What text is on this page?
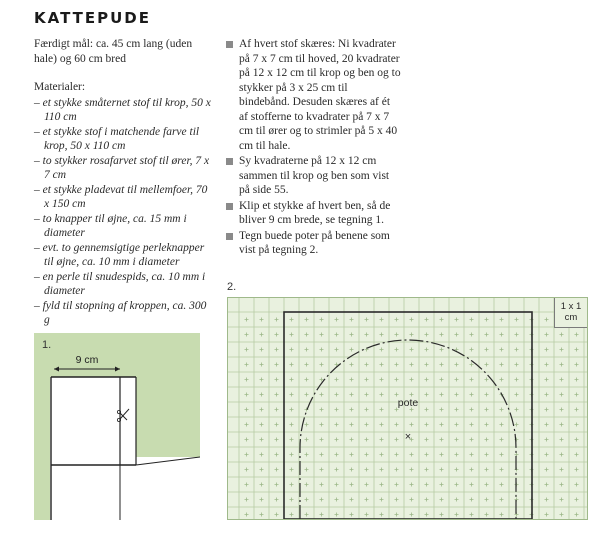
KATTEPUDE

Færdigt mål: ca. 45 cm lang (uden hale) og 60 cm bred

Materialer:
– et stykke småternet stof til krop, 50 x 110 cm
– et stykke stof i matchende farve til krop, 50 x 110 cm
– to stykker rosafarvet stof til ører, 7 x 7 cm
– et stykke pladevat til mellemfoer, 70 x 150 cm
– to knapper til øjne, ca. 15 mm i diameter
– evt. to gennemsigtige perleknapper til øjne, ca. 10 mm i diameter
– en perle til snudespids, ca. 10 mm i diameter
– fyld til stopning af kroppen, ca. 300 g
Af hvert stof skæres: Ni kvadrater på 7 x 7 cm til hoved, 20 kvadrater på 12 x 12 cm til krop og ben og to stykker på 3 x 25 cm til bindebånd. Desuden skæres af ét af stofferne to kvadrater på 7 x 7 cm til ører og to strimler på 5 x 40 cm til hale.
Sy kvadraterne på 12 x 12 cm sammen til krop og ben som vist på side 55.
Klip et stykke af hvert ben, så de bliver 9 cm brede, se tegning 1.
Tegn buede poter på benene som vist på tegning 2.
1.
9 cm
2.
pote
×
1 x 1
cm
